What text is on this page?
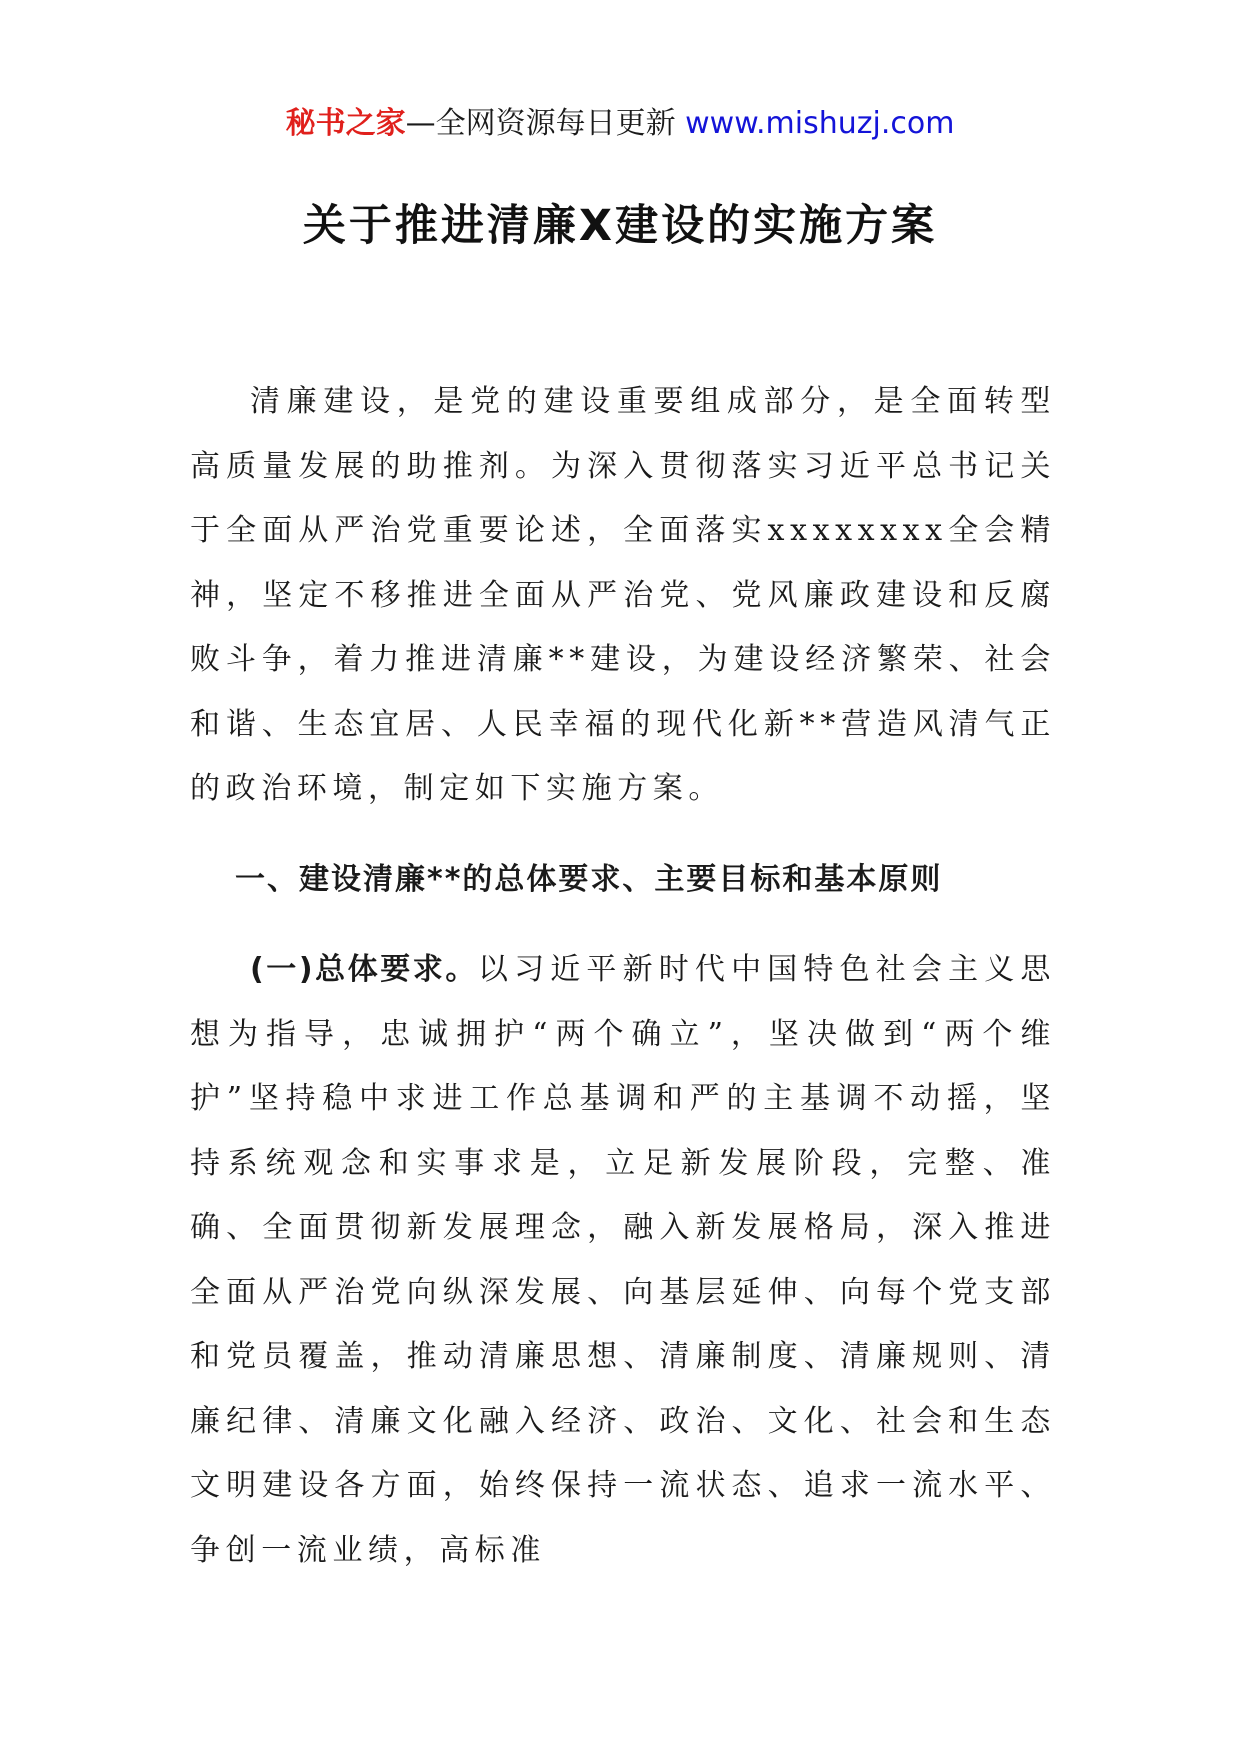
秘书之家—全网资源每日更新 www.mishuzj.com
关于推进清廉X建设的实施方案

清廉建设，是党的建设重要组成部分，是全面转型高质量发展的助推剂。为深入贯彻落实习近平总书记关于全面从严治党重要论述，全面落实xxxxxxxx全会精神，坚定不移推进全面从严治党、党风廉政建设和反腐败斗争，着力推进清廉**建设，为建设经济繁荣、社会和谐、生态宜居、人民幸福的现代化新**营造风清气正的政治环境，制定如下实施方案。

一、建设清廉**的总体要求、主要目标和基本原则

(一)总体要求。以习近平新时代中国特色社会主义思想为指导，忠诚拥护“两个确立”，坚决做到“两个维护”坚持稳中求进工作总基调和严的主基调不动摇，坚持系统观念和实事求是，立足新发展阶段，完整、准确、全面贯彻新发展理念，融入新发展格局，深入推进全面从严治党向纵深发展、向基层延伸、向每个党支部和党员覆盖，推动清廉思想、清廉制度、清廉规则、清廉纪律、清廉文化融入经济、政治、文化、社会和生态文明建设各方面，始终保持一流状态、追求一流水平、争创一流业绩，高标准
